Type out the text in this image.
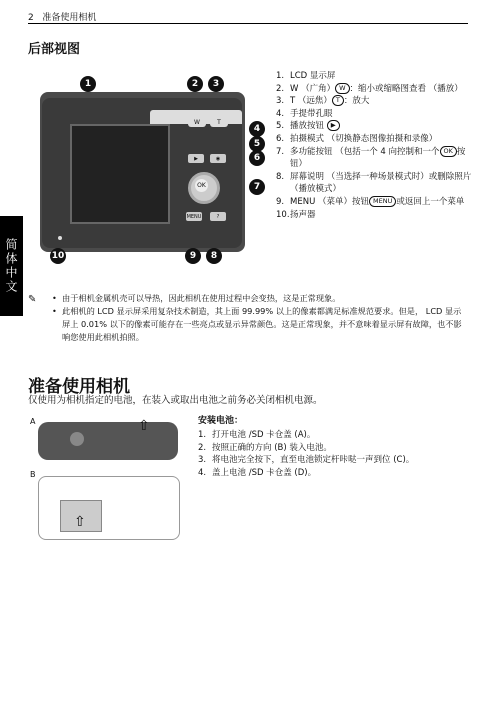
2 准备使用相机
简体中文
后部视图
W	T
▶	◉
OK
MENU	?
1	2	3
4
5
6
7
8
9
10
1. LCD 显示屏
2. W （广角） W ：缩小或缩略图查看 （播放）
3. T （远焦） T ：放大
4. 手提带孔眼
5. 播放按钮 ▶
6. 拍摄模式 （切换静态图像拍摄和录像）
7. 多功能按钮 （包括一个 4 向控制和一个 OK 按钮）
8. 屏幕说明 （当选择一种场景模式时）或删除照片 （播放模式）
9. MENU （菜单）按钮 MENU 或返回上一个菜单
10. 扬声器
✎	• 由于相机金属机壳可以导热，因此相机在使用过程中会变热，这是正常现象。
• 此相机的 LCD 显示屏采用复杂技术制造，其上面 99.99% 以上的像素都满足标准规范要求。但是， LCD 显示屏上 0.01% 以下的像素可能存在一些亮点或显示异常颜色。这是正常现象，并不意味着显示屏有故障，也不影响您使用此相机拍照。
准备使用相机
仅使用为相机指定的电池，在装入或取出电池之前务必关闭相机电源。
A	⇧
B
⇧
安装电池：
1. 打开电池 /SD 卡仓盖 (A)。
2. 按照正确的方向 (B) 装入电池。
3. 将电池完全按下，直至电池锁定杆咔哒一声到位 (C)。
4. 盖上电池 /SD 卡仓盖 (D)。
